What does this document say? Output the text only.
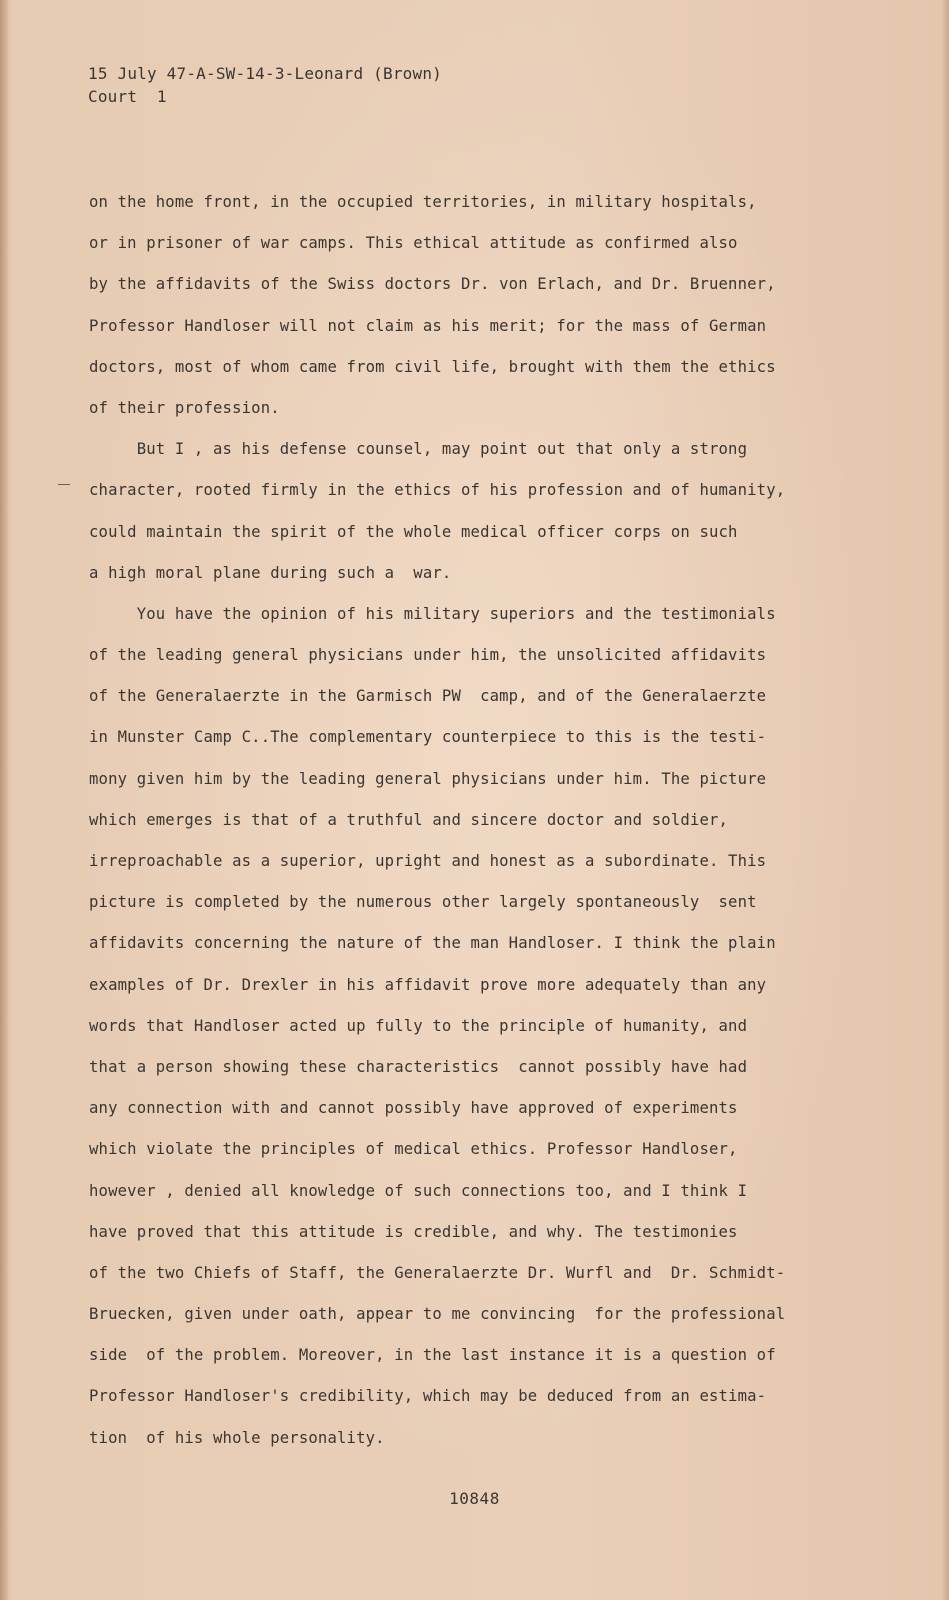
15 July 47-A-SW-14-3-Leonard (Brown)
Court  1
on the home front, in the occupied territories, in military hospitals,
or in prisoner of war camps. This ethical attitude as confirmed also
by the affidavits of the Swiss doctors Dr. von Erlach, and Dr. Bruenner,
Professor Handloser will not claim as his merit; for the mass of German
doctors, most of whom came from civil life, brought with them the ethics
of their profession.
But I , as his defense counsel, may point out that only a strong
character, rooted firmly in the ethics of his profession and of humanity,
could maintain the spirit of the whole medical officer corps on such
a high moral plane during such a  war.
You have the opinion of his military superiors and the testimonials
of the leading general physicians under him, the unsolicited affidavits
of the Generalaerzte in the Garmisch PW  camp, and of the Generalaerzte
in Munster Camp C..The complementary counterpiece to this is the testi-
mony given him by the leading general physicians under him. The picture
which emerges is that of a truthful and sincere doctor and soldier,
irreproachable as a superior, upright and honest as a subordinate. This
picture is completed by the numerous other largely spontaneously  sent
affidavits concerning the nature of the man Handloser. I think the plain
examples of Dr. Drexler in his affidavit prove more adequately than any
words that Handloser acted up fully to the principle of humanity, and
that a person showing these characteristics  cannot possibly have had
any connection with and cannot possibly have approved of experiments
which violate the principles of medical ethics. Professor Handloser,
however , denied all knowledge of such connections too, and I think I
have proved that this attitude is credible, and why. The testimonies
of the two Chiefs of Staff, the Generalaerzte Dr. Wurfl and  Dr. Schmidt-
Bruecken, given under oath, appear to me convincing  for the professional
side  of the problem. Moreover, in the last instance it is a question of
Professor Handloser's credibility, which may be deduced from an estima-
tion  of his whole personality.
10848
